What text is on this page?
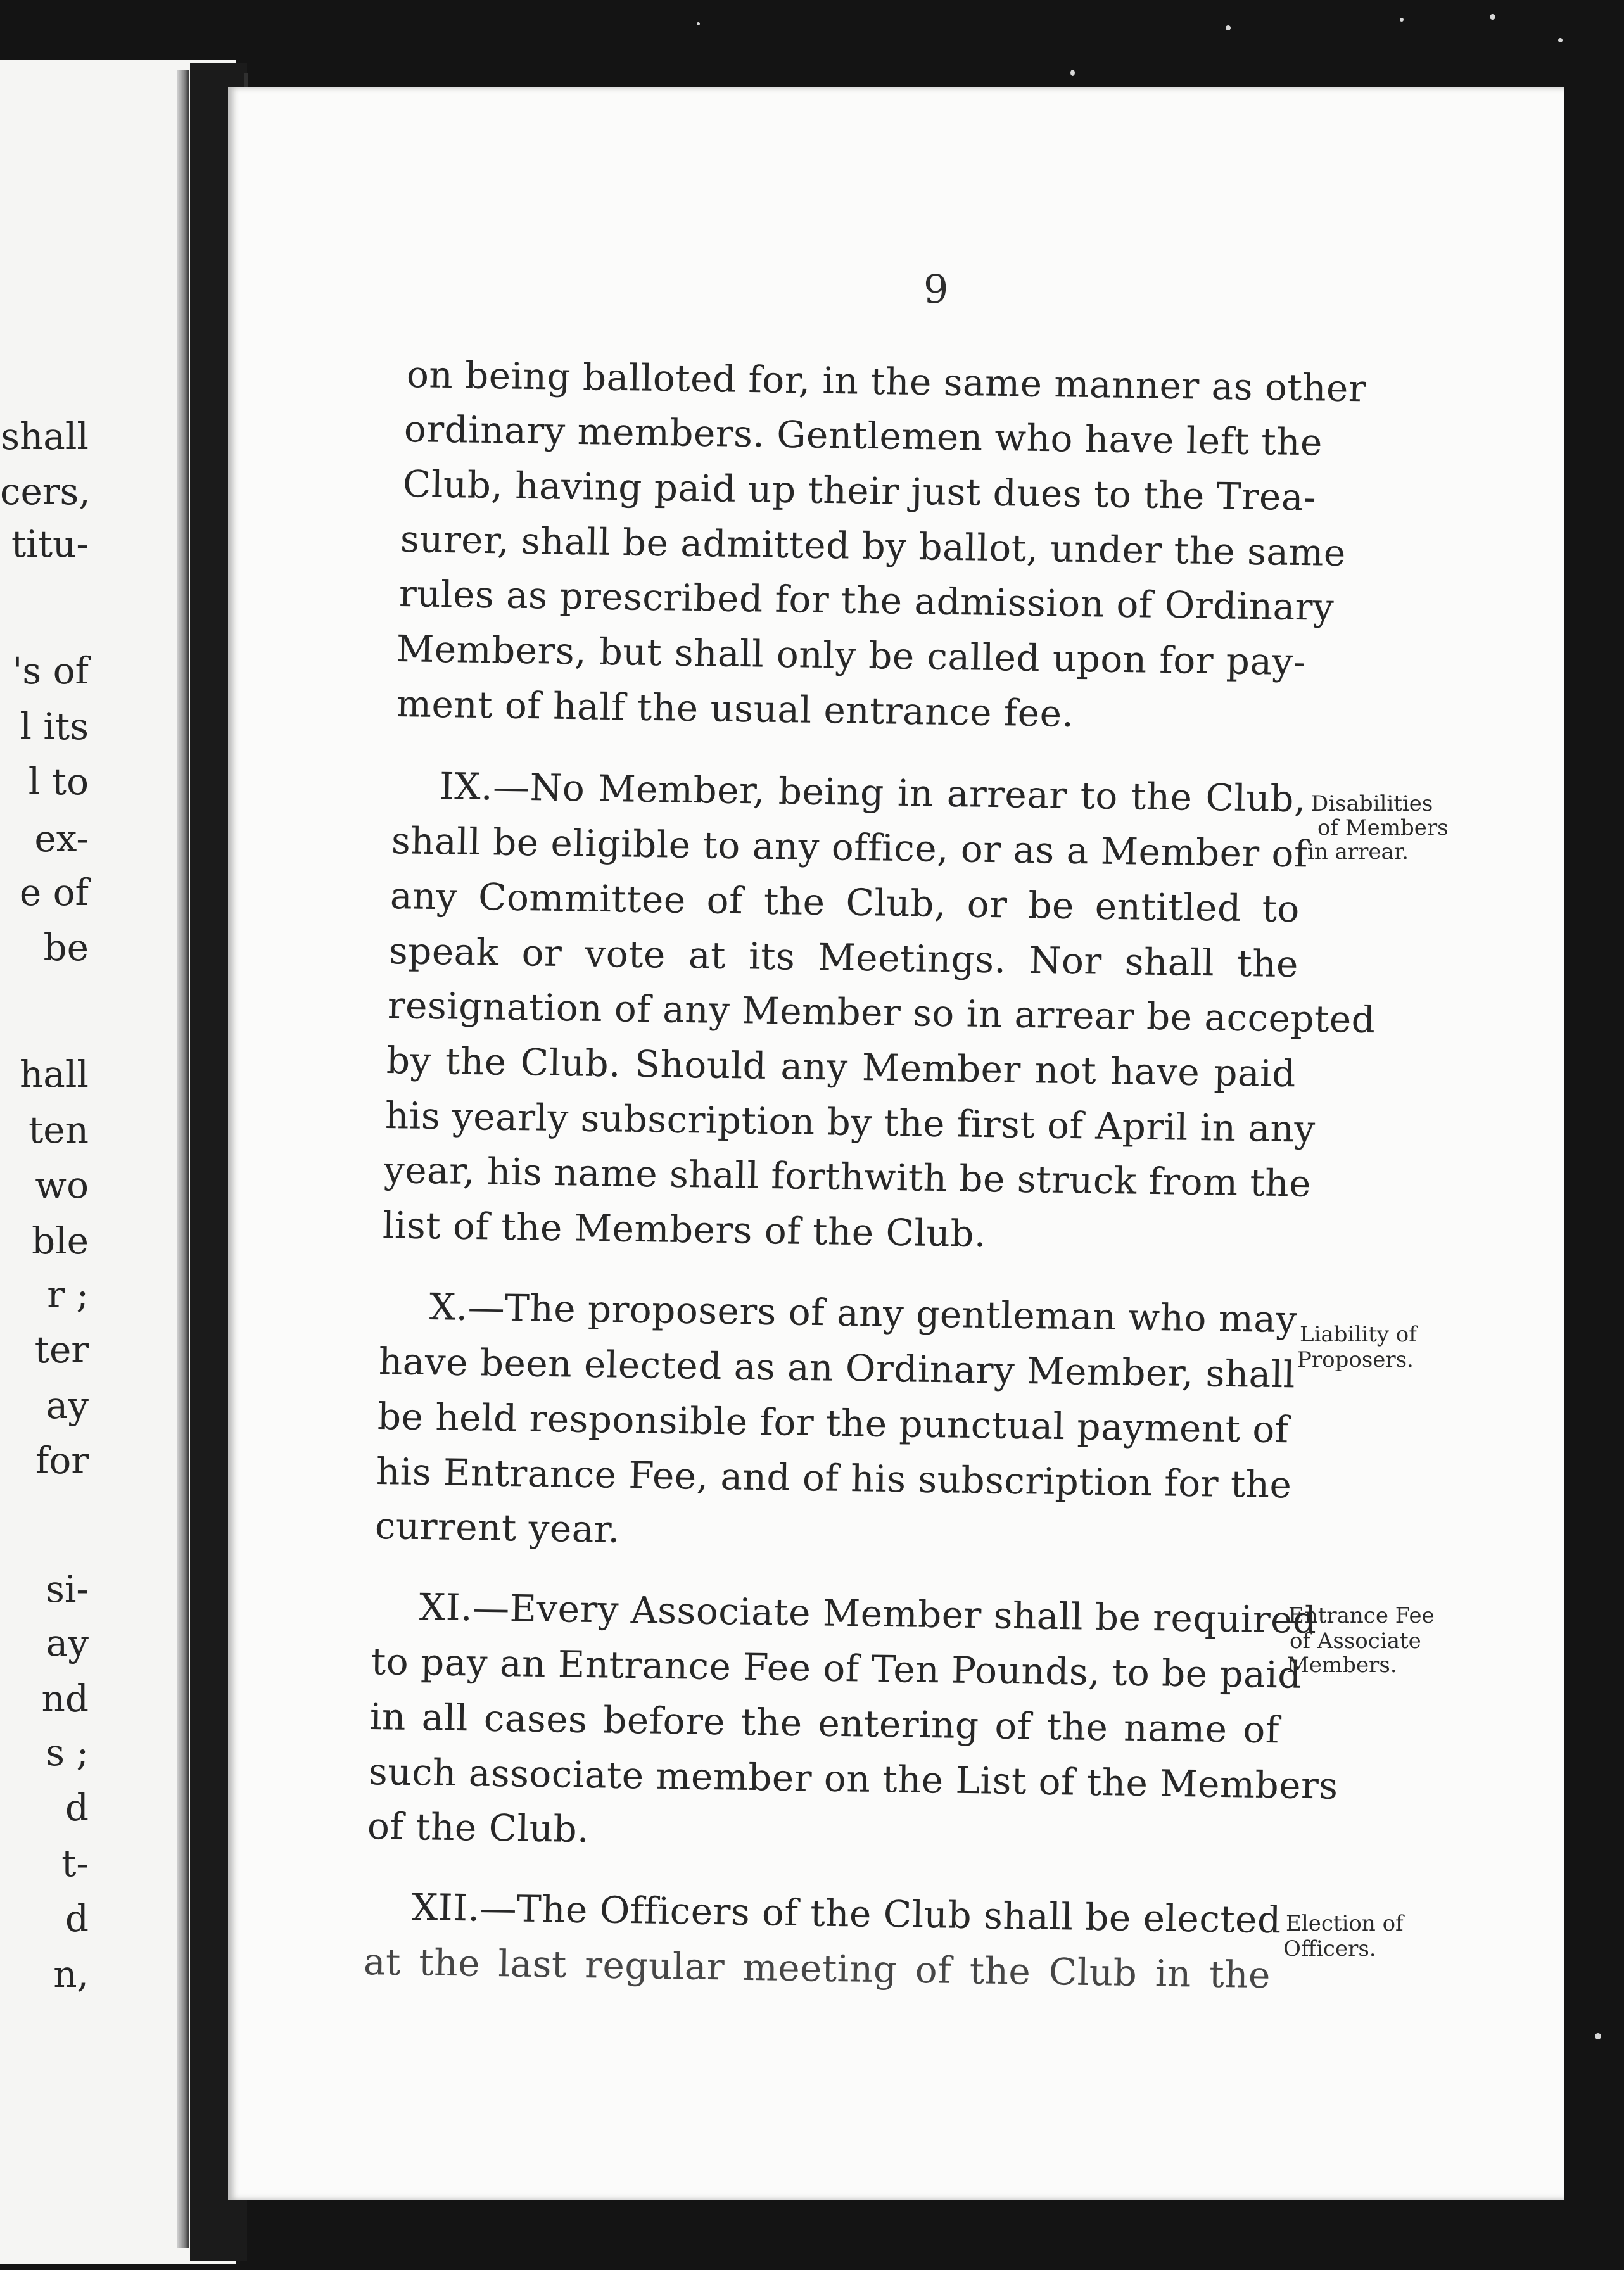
shall
cers,
titu-
's of
l its
l to
ex-
e of
be
hall
ten
wo
ble
r ;
ter
ay
for
si-
ay
nd
s ;
d
t-
d
n,
9
on being balloted for, in the same manner as other
ordinary members. Gentlemen who have left the
Club, having paid up their just dues to the Trea-
surer, shall be admitted by ballot, under the same
rules as prescribed for the admission of Ordinary
Members, but shall only be called upon for pay-
ment of half the usual entrance fee.
IX.—No Member, being in arrear to the Club,
shall be eligible to any office, or as a Member of
any Committee of the Club, or be entitled to
speak or vote at its Meetings. Nor shall the
resignation of any Member so in arrear be accepted
by the Club. Should any Member not have paid
his yearly subscription by the first of April in any
year, his name shall forthwith be struck from the
list of the Members of the Club.
X.—The proposers of any gentleman who may
have been elected as an Ordinary Member, shall
be held responsible for the punctual payment of
his Entrance Fee, and of his subscription for the
current year.
XI.—Every Associate Member shall be required
to pay an Entrance Fee of Ten Pounds, to be paid
in all cases before the entering of the name of
such associate member on the List of the Members
of the Club.
XII.—The Officers of the Club shall be elected
at the last regular meeting of the Club in the
Disabilities
of Members
in arrear.
Liability of
Proposers.
Entrance Fee
of Associate
Members.
Election of
Officers.
